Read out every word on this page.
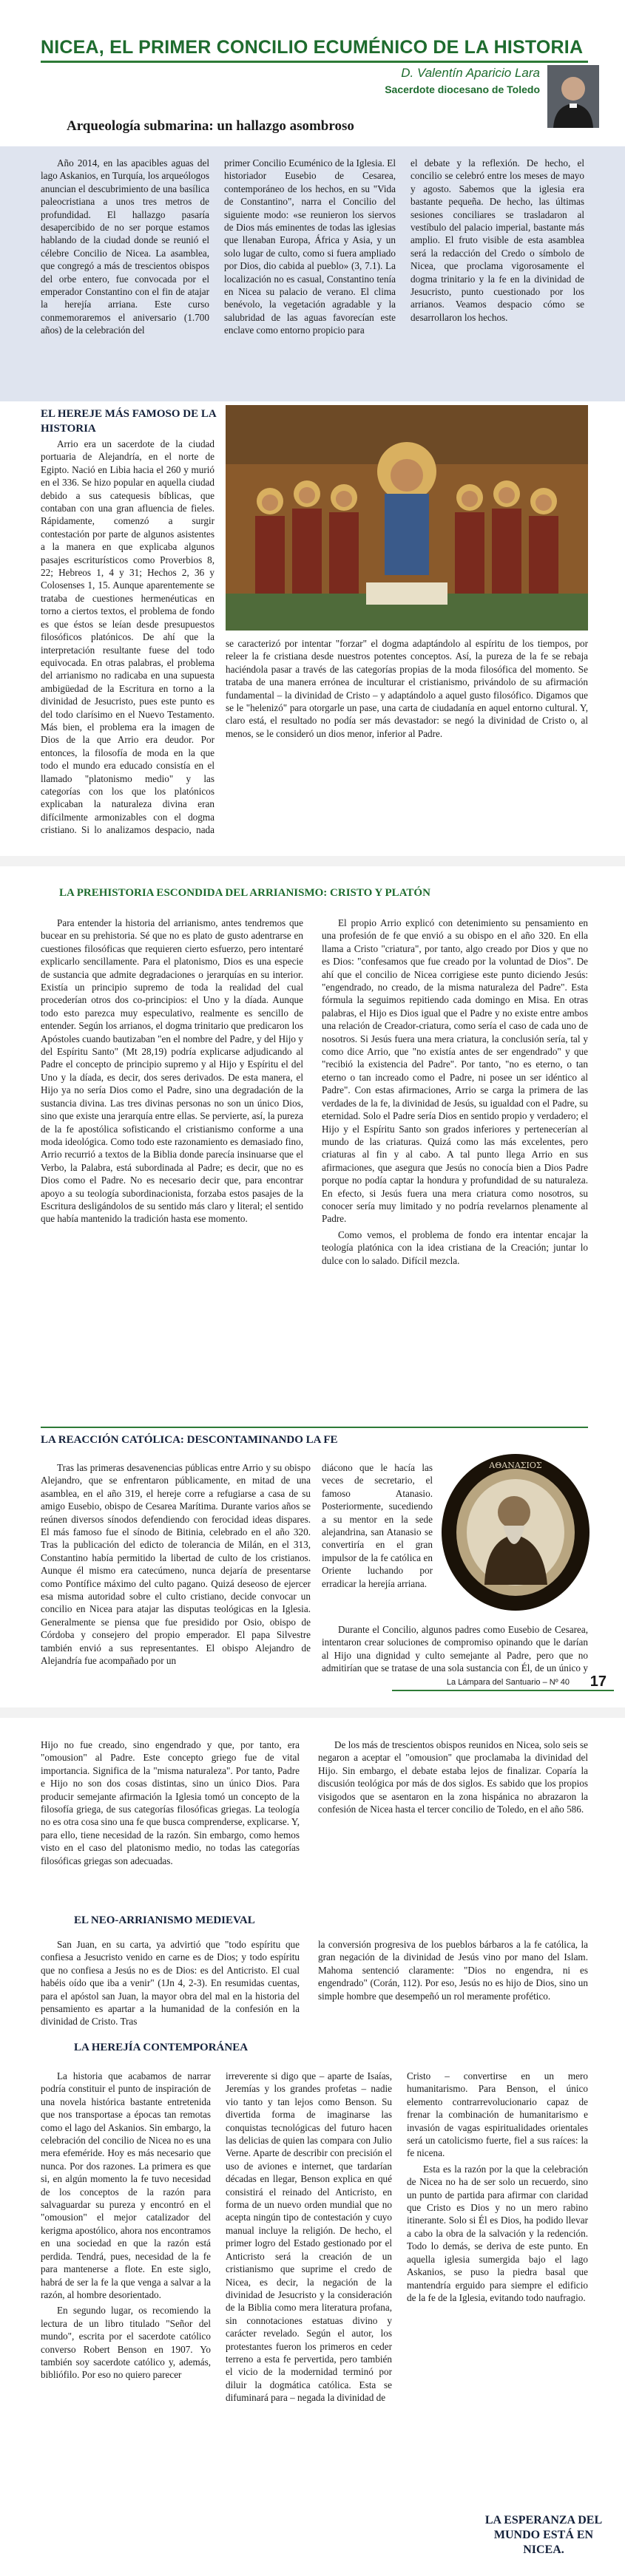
NICEA, EL PRIMER CONCILIO ECUMÉNICO DE LA HISTORIA
D. Valentín Aparicio Lara
Sacerdote diocesano de Toledo
Arqueología submarina: un hallazgo asombroso

Año 2014, en las apacibles aguas del lago Askanios, en Turquía, los arqueólogos anuncian el descubrimiento de una basílica paleocristiana a unos tres metros de profundidad. El hallazgo pasaría desapercibido de no ser porque estamos hablando de la ciudad donde se reunió el célebre Concilio de Nicea. La asamblea, que congregó a más de trescientos obispos del orbe entero, fue convocada por el emperador Constantino con el fin de atajar la herejía arriana. Este curso conmemoraremos el aniversario (1.700 años) de la celebración del

primer Concilio Ecuménico de la Iglesia. El historiador Eusebio de Cesarea, contemporáneo de los hechos, en su "Vida de Constantino", narra el Concilio del siguiente modo: «se reunieron los siervos de Dios más eminentes de todas las iglesias que llenaban Europa, África y Asia, y un solo lugar de culto, como si fuera ampliado por Dios, dio cabida al pueblo» (3, 7.1). La localización no es casual, Constantino tenía en Nicea su palacio de verano. El clima benévolo, la vegetación agradable y la salubridad de las aguas favorecían este enclave como entorno propicio para

el debate y la reflexión. De hecho, el concilio se celebró entre los meses de mayo y agosto. Sabemos que la iglesia era bastante pequeña. De hecho, las últimas sesiones conciliares se trasladaron al vestíbulo del palacio imperial, bastante más amplio. El fruto visible de esta asamblea será la redacción del Credo o símbolo de Nicea, que proclama vigorosamente el dogma trinitario y la fe en la divinidad de Jesucristo, punto cuestionado por los arrianos. Veamos despacio cómo se desarrollaron los hechos.

EL HEREJE MÁS FAMOSO DE LA HISTORIA

Arrio era un sacerdote de la ciudad portuaria de Alejandría, en el norte de Egipto. Nació en Libia hacia el 260 y murió en el 336. Se hizo popular en aquella ciudad debido a sus catequesis bíblicas, que contaban con una gran afluencia de fieles. Rápidamente, comenzó a surgir contestación por parte de algunos asistentes a la manera en que explicaba algunos pasajes escriturísticos como Proverbios 8, 22; Hebreos 1, 4 y 31; Hechos 2, 36 y Colosenses 1, 15. Aunque aparentemente se trataba de cuestiones hermenéuticas en torno a ciertos textos, el problema de fondo es que éstos se leían desde presupuestos filosóficos platónicos. De ahí que la interpretación resultante fuese del todo equivocada. En otras palabras, el problema del arrianismo no radicaba en una supuesta ambigüedad de la Escritura en torno a la divinidad de Jesucristo, pues este punto es del todo clarísimo en el Nuevo Testamento. Más bien, el problema era la imagen de Dios de la que Arrio era deudor. Por entonces, la filosofía de moda en la que todo el mundo era educado consistía en el llamado "platonismo medio" y las categorías con los que los platónicos explicaban la naturaleza divina eran difícilmente armonizables con el dogma cristiano. Si lo analizamos despacio, nada

se caracterizó por intentar "forzar" el dogma adaptándolo al espíritu de los tiempos, por releer la fe cristiana desde nuestros potentes conceptos. Así, la pureza de la fe se rebaja haciéndola pasar a través de las categorías propias de la moda filosófica del momento. Se trataba de una manera errónea de inculturar el cristianismo, privándolo de su afirmación fundamental – la divinidad de Cristo – y adaptándolo a aquel gusto filosófico. Digamos que se le "helenizó" para otorgarle un pase, una carta de ciudadanía en aquel entorno cultural. Y, claro está, el resultado no podía ser más devastador: se negó la divinidad de Cristo o, al menos, se le consideró un dios menor, inferior al Padre.

LA PREHISTORIA ESCONDIDA DEL ARRIANISMO: CRISTO Y PLATÓN

Para entender la historia del arrianismo, antes tendremos que bucear en su prehistoria. Sé que no es plato de gusto adentrarse en cuestiones filosóficas que requieren cierto esfuerzo, pero intentaré explicarlo sencillamente. Para el platonismo, Dios es una especie de sustancia que admite degradaciones o jerarquías en su interior. Existía un principio supremo de toda la realidad del cual procederían otros dos co-principios: el Uno y la díada. Aunque todo esto parezca muy especulativo, realmente es sencillo de entender. Según los arrianos, el dogma trinitario que predicaron los Apóstoles cuando bautizaban "en el nombre del Padre, y del Hijo y del Espíritu Santo" (Mt 28,19) podría explicarse adjudicando al Padre el concepto de principio supremo y al Hijo y Espíritu el del Uno y la díada, es decir, dos seres derivados. De esta manera, el Hijo ya no sería Dios como el Padre, sino una degradación de la sustancia divina. Las tres divinas personas no son un único Dios, sino que existe una jerarquía entre ellas. Se pervierte, así, la pureza de la fe apostólica sofisticando el cristianismo conforme a una moda ideológica. Como todo este razonamiento es demasiado fino, Arrio recurrió a textos de la Biblia donde parecía insinuarse que el Verbo, la Palabra, está subordinada al Padre; es decir, que no es Dios como el Padre. No es necesario decir que, para encontrar apoyo a su teología subordinacionista, forzaba estos pasajes de la Escritura desligándolos de su sentido más claro y literal; el sentido que había mantenido la tradición hasta ese momento.

El propio Arrio explicó con detenimiento su pensamiento en una profesión de fe que envió a su obispo en el año 320. En ella llama a Cristo "criatura", por tanto, algo creado por Dios y que no es Dios: "confesamos que fue creado por la voluntad de Dios". De ahí que el concilio de Nicea corrigiese este punto diciendo Jesús: "engendrado, no creado, de la misma naturaleza del Padre". Esta fórmula la seguimos repitiendo cada domingo en Misa. En otras palabras, el Hijo es Dios igual que el Padre y no existe entre ambos una relación de Creador-criatura, como sería el caso de cada uno de nosotros. Si Jesús fuera una mera criatura, la conclusión sería, tal y como dice Arrio, que "no existía antes de ser engendrado" y que "recibió la existencia del Padre". Por tanto, "no es eterno, o tan eterno o tan increado como el Padre, ni posee un ser idéntico al Padre". Con estas afirmaciones, Arrio se carga la primera de las verdades de la fe, la divinidad de Jesús, su igualdad con el Padre, su eternidad. Solo el Padre sería Dios en sentido propio y verdadero; el Hijo y el Espíritu Santo son grados inferiores y pertenecerían al mundo de las criaturas. Quizá como las más excelentes, pero criaturas al fin y al cabo. A tal punto llega Arrio en sus afirmaciones, que asegura que Jesús no conocía bien a Dios Padre porque no podía captar la hondura y profundidad de su naturaleza. En efecto, si Jesús fuera una mera criatura como nosotros, su conocer sería muy limitado y no podría revelarnos plenamente al Padre.

Como vemos, el problema de fondo era intentar encajar la teología platónica con la idea cristiana de la Creación; juntar lo dulce con lo salado. Difícil mezcla.

LA REACCIÓN CATÓLICA: DESCONTAMINANDO LA FE

Tras las primeras desavenencias públicas entre Arrio y su obispo Alejandro, que se enfrentaron públicamente, en mitad de una asamblea, en el año 319, el hereje corre a refugiarse a casa de su amigo Eusebio, obispo de Cesarea Marítima. Durante varios años se reúnen diversos sínodos defendiendo con ferocidad ideas dispares. El más famoso fue el sínodo de Bitinia, celebrado en el año 320. Tras la publicación del edicto de tolerancia de Milán, en el 313, Constantino había permitido la libertad de culto de los cristianos. Aunque él mismo era catecúmeno, nunca dejaría de presentarse como Pontífice máximo del culto pagano. Quizá deseoso de ejercer esa misma autoridad sobre el culto cristiano, decide convocar un concilio en Nicea para atajar las disputas teológicas en la Iglesia. Generalmente se piensa que fue presidido por Osio, obispo de Córdoba y consejero del propio emperador. El papa Silvestre también envió a sus representantes. El obispo Alejandro de Alejandría fue acompañado por un

diácono que le hacía las veces de secretario, el famoso Atanasio. Posteriormente, sucediendo a su mentor en la sede alejandrina, san Atanasio se convertiría en el gran impulsor de la fe católica en Oriente luchando por erradicar la herejía arriana.

ΑΘΑΝΑΣΙΟΣ

Durante el Concilio, algunos padres como Eusebio de Cesarea, intentaron crear soluciones de compromiso opinando que le darían al Hijo una dignidad y culto semejante al Padre, pero que no admitirían que se tratase de una sola sustancia con Él, de un único y

La Lámpara del Santuario – Nº 40 17

Hijo no fue creado, sino engendrado y que, por tanto, era "omousion" al Padre. Este concepto griego fue de vital importancia. Significa de la "misma naturaleza". Por tanto, Padre e Hijo no son dos cosas distintas, sino un único Dios. Para producir semejante afirmación la Iglesia tomó un concepto de la filosofía griega, de sus categorías filosóficas griegas. La teología no es otra cosa sino una fe que busca comprenderse, explicarse. Y, para ello, tiene necesidad de la razón. Sin embargo, como hemos visto en el caso del platonismo medio, no todas las categorías filosóficas griegas son adecuadas.

De los más de trescientos obispos reunidos en Nicea, solo seis se negaron a aceptar el "omousion" que proclamaba la divinidad del Hijo. Sin embargo, el debate estaba lejos de finalizar. Coparía la discusión teológica por más de dos siglos. Es sabido que los propios visigodos que se asentaron en la zona hispánica no abrazaron la confesión de Nicea hasta el tercer concilio de Toledo, en el año 586.

EL NEO-ARRIANISMO MEDIEVAL

San Juan, en su carta, ya advirtió que "todo espíritu que confiesa a Jesucristo venido en carne es de Dios; y todo espíritu que no confiesa a Jesús no es de Dios: es del Anticristo. El cual habéis oído que iba a venir" (1Jn 4, 2-3). En resumidas cuentas, para el apóstol san Juan, la mayor obra del mal en la historia del pensamiento es apartar a la humanidad de la confesión en la divinidad de Cristo. Tras

la conversión progresiva de los pueblos bárbaros a la fe católica, la gran negación de la divinidad de Jesús vino por mano del Islam. Mahoma sentenció claramente: "Dios no engendra, ni es engendrado" (Corán, 112). Por eso, Jesús no es hijo de Dios, sino un simple hombre que desempeñó un rol meramente profético.

LA HEREJÍA CONTEMPORÁNEA

La historia que acabamos de narrar podría constituir el punto de inspiración de una novela histórica bastante entretenida que nos transportase a épocas tan remotas como el lago del Askanios. Sin embargo, la celebración del concilio de Nicea no es una mera efeméride. Hoy es más necesario que nunca. Por dos razones. La primera es que si, en algún momento la fe tuvo necesidad de los conceptos de la razón para salvaguardar su pureza y encontró en el "omousion" el mejor catalizador del kerigma apostólico, ahora nos encontramos en una sociedad en que la razón está perdida. Tendrá, pues, necesidad de la fe para mantenerse a flote. En este siglo, habrá de ser la fe la que venga a salvar a la razón, al hombre desorientado.

En segundo lugar, os recomiendo la lectura de un libro titulado "Señor del mundo", escrita por el sacerdote católico converso Robert Benson en 1907. Yo también soy sacerdote católico y, además, bibliófilo. Por eso no quiero parecer

irreverente si digo que – aparte de Isaías, Jeremías y los grandes profetas – nadie vio tanto y tan lejos como Benson. Su divertida forma de imaginarse las conquistas tecnológicas del futuro hacen las delicias de quien las compara con Julio Verne. Aparte de describir con precisión el uso de aviones e internet, que tardarían décadas en llegar, Benson explica en qué consistirá el reinado del Anticristo, en forma de un nuevo orden mundial que no acepta ningún tipo de contestación y cuyo manual incluye la religión. De hecho, el primer logro del Estado gestionado por el Anticristo será la creación de un cristianismo que suprime el credo de Nicea, es decir, la negación de la divinidad de Jesucristo y la consideración de la Biblia como mera literatura profana, sin connotaciones estatuas divino y carácter revelado. Según el autor, los protestantes fueron los primeros en ceder terreno a esta fe pervertida, pero también el vicio de la modernidad terminó por diluir la dogmática católica. Esta se difuminará para – negada la divinidad de

Cristo – convertirse en un mero humanitarismo. Para Benson, el único elemento contrarrevolucionario capaz de frenar la combinación de humanitarismo e invasión de vagas espiritualidades orientales será un catolicismo fuerte, fiel a sus raíces: la fe nicena.

Esta es la razón por la que la celebración de Nicea no ha de ser solo un recuerdo, sino un punto de partida para afirmar con claridad que Cristo es Dios y no un mero rabino itinerante. Solo si Él es Dios, ha podido llevar a cabo la obra de la salvación y la redención. Todo lo demás, se deriva de este punto. En aquella iglesia sumergida bajo el lago Askanios, se puso la piedra basal que mantendría erguido para siempre el edificio de la fe de la Iglesia, evitando todo naufragio.

LA ESPERANZA DEL MUNDO ESTÁ EN NICEA.
